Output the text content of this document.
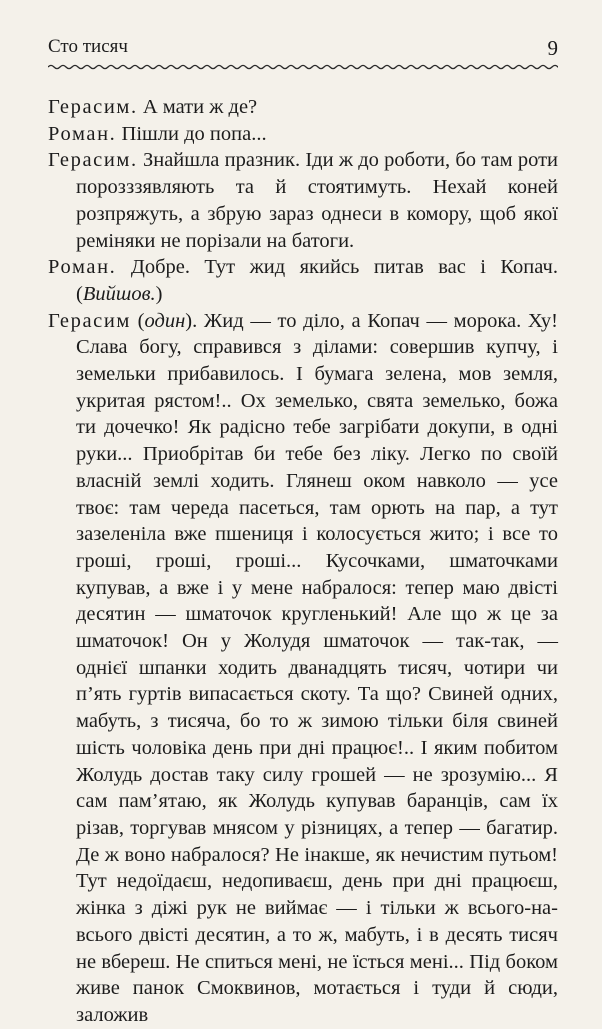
Сто тисяч	9

Герасим. А мати ж де?

Роман. Пішли до попа...

Герасим. Знайшла празник. Іди ж до роботи, бо там роти порозззявляють та й стоятимуть. Нехай коней розпряжуть, а збрую зараз однеси в комору, щоб якої реміняки не порізали на батоги.

Роман. Добре. Тут жид якийсь питав вас і Копач. (Вийшов.)

Герасим (один). Жид — то діло, а Копач — морока. Ху! Слава богу, справився з ділами: совершив купчу, і земельки прибавилось. І бумага зелена, мов земля, укритая рястом!.. Ох земелько, свята земелько, божа ти дочечко! Як радісно тебе загрібати докупи, в одні руки... Приобрітав би тебе без ліку. Легко по своїй власній землі ходить. Глянеш оком навколо — усе твоє: там череда пасеться, там орють на пар, а тут зазеленіла вже пшениця і колосується жито; і все то гроші, гроші, гроші... Кусочками, шматочками купував, а вже і у мене набралося: тепер маю двісті десятин — шматочок кругленький! Але що ж це за шматочок! Он у Жолудя шматочок — так-так, — однієї шпанки ходить дванадцять тисяч, чотири чи п’ять гуртів випасається скоту. Та що? Свиней одних, мабуть, з тисяча, бо то ж зимою тільки біля свиней шість чоловіка день при дні працює!.. І яким побитом Жолудь достав таку силу грошей — не зрозумію... Я сам пам’ятаю, як Жолудь купував баранців, сам їх різав, торгував мнясом у різницях, а тепер — багатир. Де ж воно набралося? Не інакше, як нечистим путьом! Тут недоїдаєш, недопиваєш, день при дні працюєш, жінка з діжі рук не виймає — і тільки ж всього-на-всього двісті десятин, а то ж, мабуть, і в десять тисяч не вбереш. Не спиться мені, не їсться мені... Під боком живе панок Смоквинов, мотається і туди й сюди, заложив
